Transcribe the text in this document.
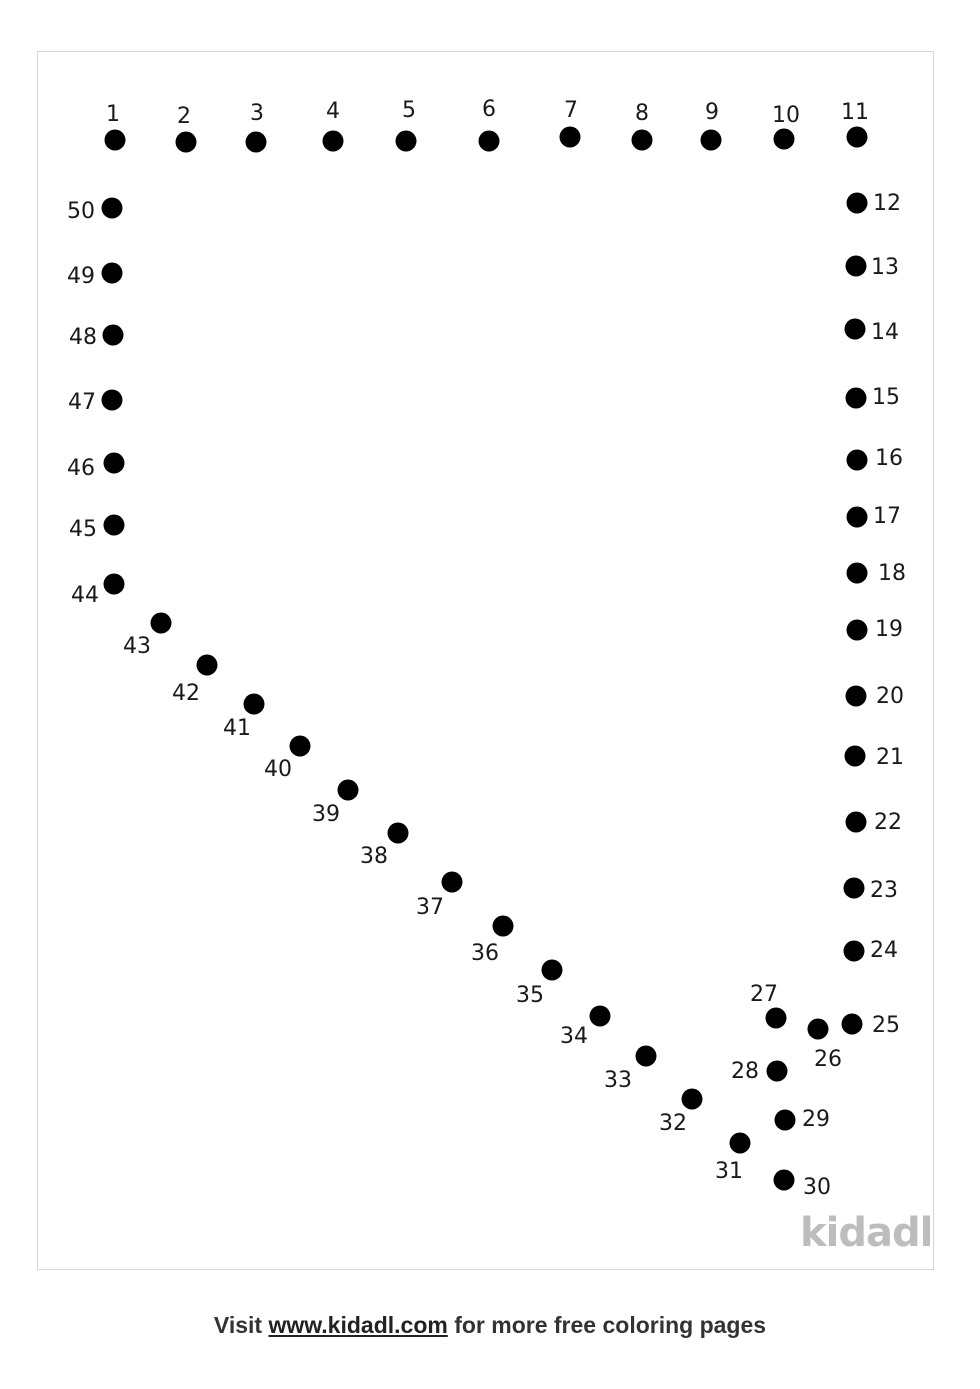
1	2	3	4	5	6	7	8	9 10 11
12
13
14
15
16
17
18
19
20
21
22
23
24
25
26
27
28
29
30
31
32
33
34
35
36
37
38
39
40
41
42
43
44
45
46
47
48
49
50
kidadl
Visit www.kidadl.com for more free coloring pages
